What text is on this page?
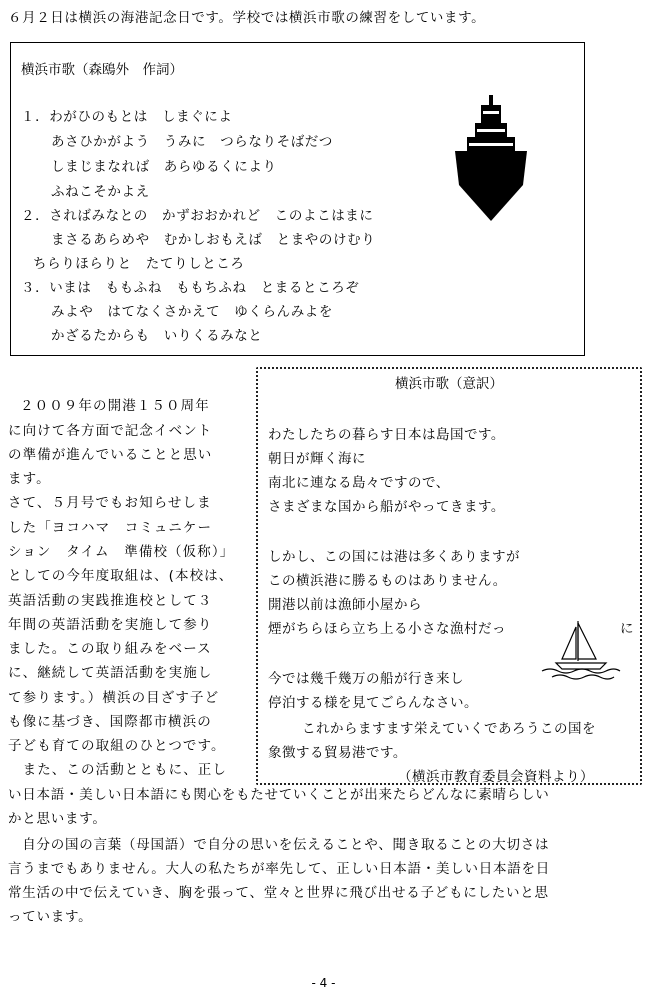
６月２日は横浜の海港記念日です。学校では横浜市歌の練習をしています。
横浜市歌（森鴎外　作詞）
１．わがひのもとは　しまぐによ
あさひかがよう　うみに　つらなりそばだつ
しまじまなれば　あらゆるくにより
ふねこそかよえ
２．さればみなとの　かずおおかれど　このよこはまに
まさるあらめや　むかしおもえば　とまやのけむり
ちらりほらりと　たてりしところ
３．いまは　ももふね　ももちふね　とまるところぞ
みよや　はてなくさかえて　ゆくらんみよを
かざるたからも　いりくるみなと
横浜市歌（意訳）
わたしたちの暮らす日本は島国です。
朝日が輝く海に
南北に連なる島々ですので、
さまざまな国から船がやってきます。
しかし、この国には港は多くありますが
この横浜港に勝るものはありません。
開港以前は漁師小屋から
煙がちらほら立ち上る小さな漁村だっ	に
今では幾千幾万の船が行き来し
停泊する様を見てごらんなさい。
これからますます栄えていくであろうこの国を
象徴する貿易港です。
（横浜市教育委員会資料より）
２００９年の開港１５０周年
に向けて各方面で記念イベント
の準備が進んでいることと思い
ます。
さて、５月号でもお知らせしま
した「ヨコハマ　コミュニケー
ション　タイム　準備校（仮称）」
としての今年度取組は、(本校は、
英語活動の実践推進校として３
年間の英語活動を実施して参り
ました。この取り組みをベース
に、継続して英語活動を実施し
て参ります。）横浜の目ざす子ど
も像に基づき、国際都市横浜の
子ども育ての取組のひとつです。
　また、この活動とともに、正し
い日本語・美しい日本語にも関心をもたせていくことが出来たらどんなに素晴らしい
かと思います。
　自分の国の言葉（母国語）で自分の思いを伝えることや、聞き取ることの大切さは
言うまでもありません。大人の私たちが率先して、正しい日本語・美しい日本語を日
常生活の中で伝えていき、胸を張って、堂々と世界に飛び出せる子どもにしたいと思
っています。
- 4 -
